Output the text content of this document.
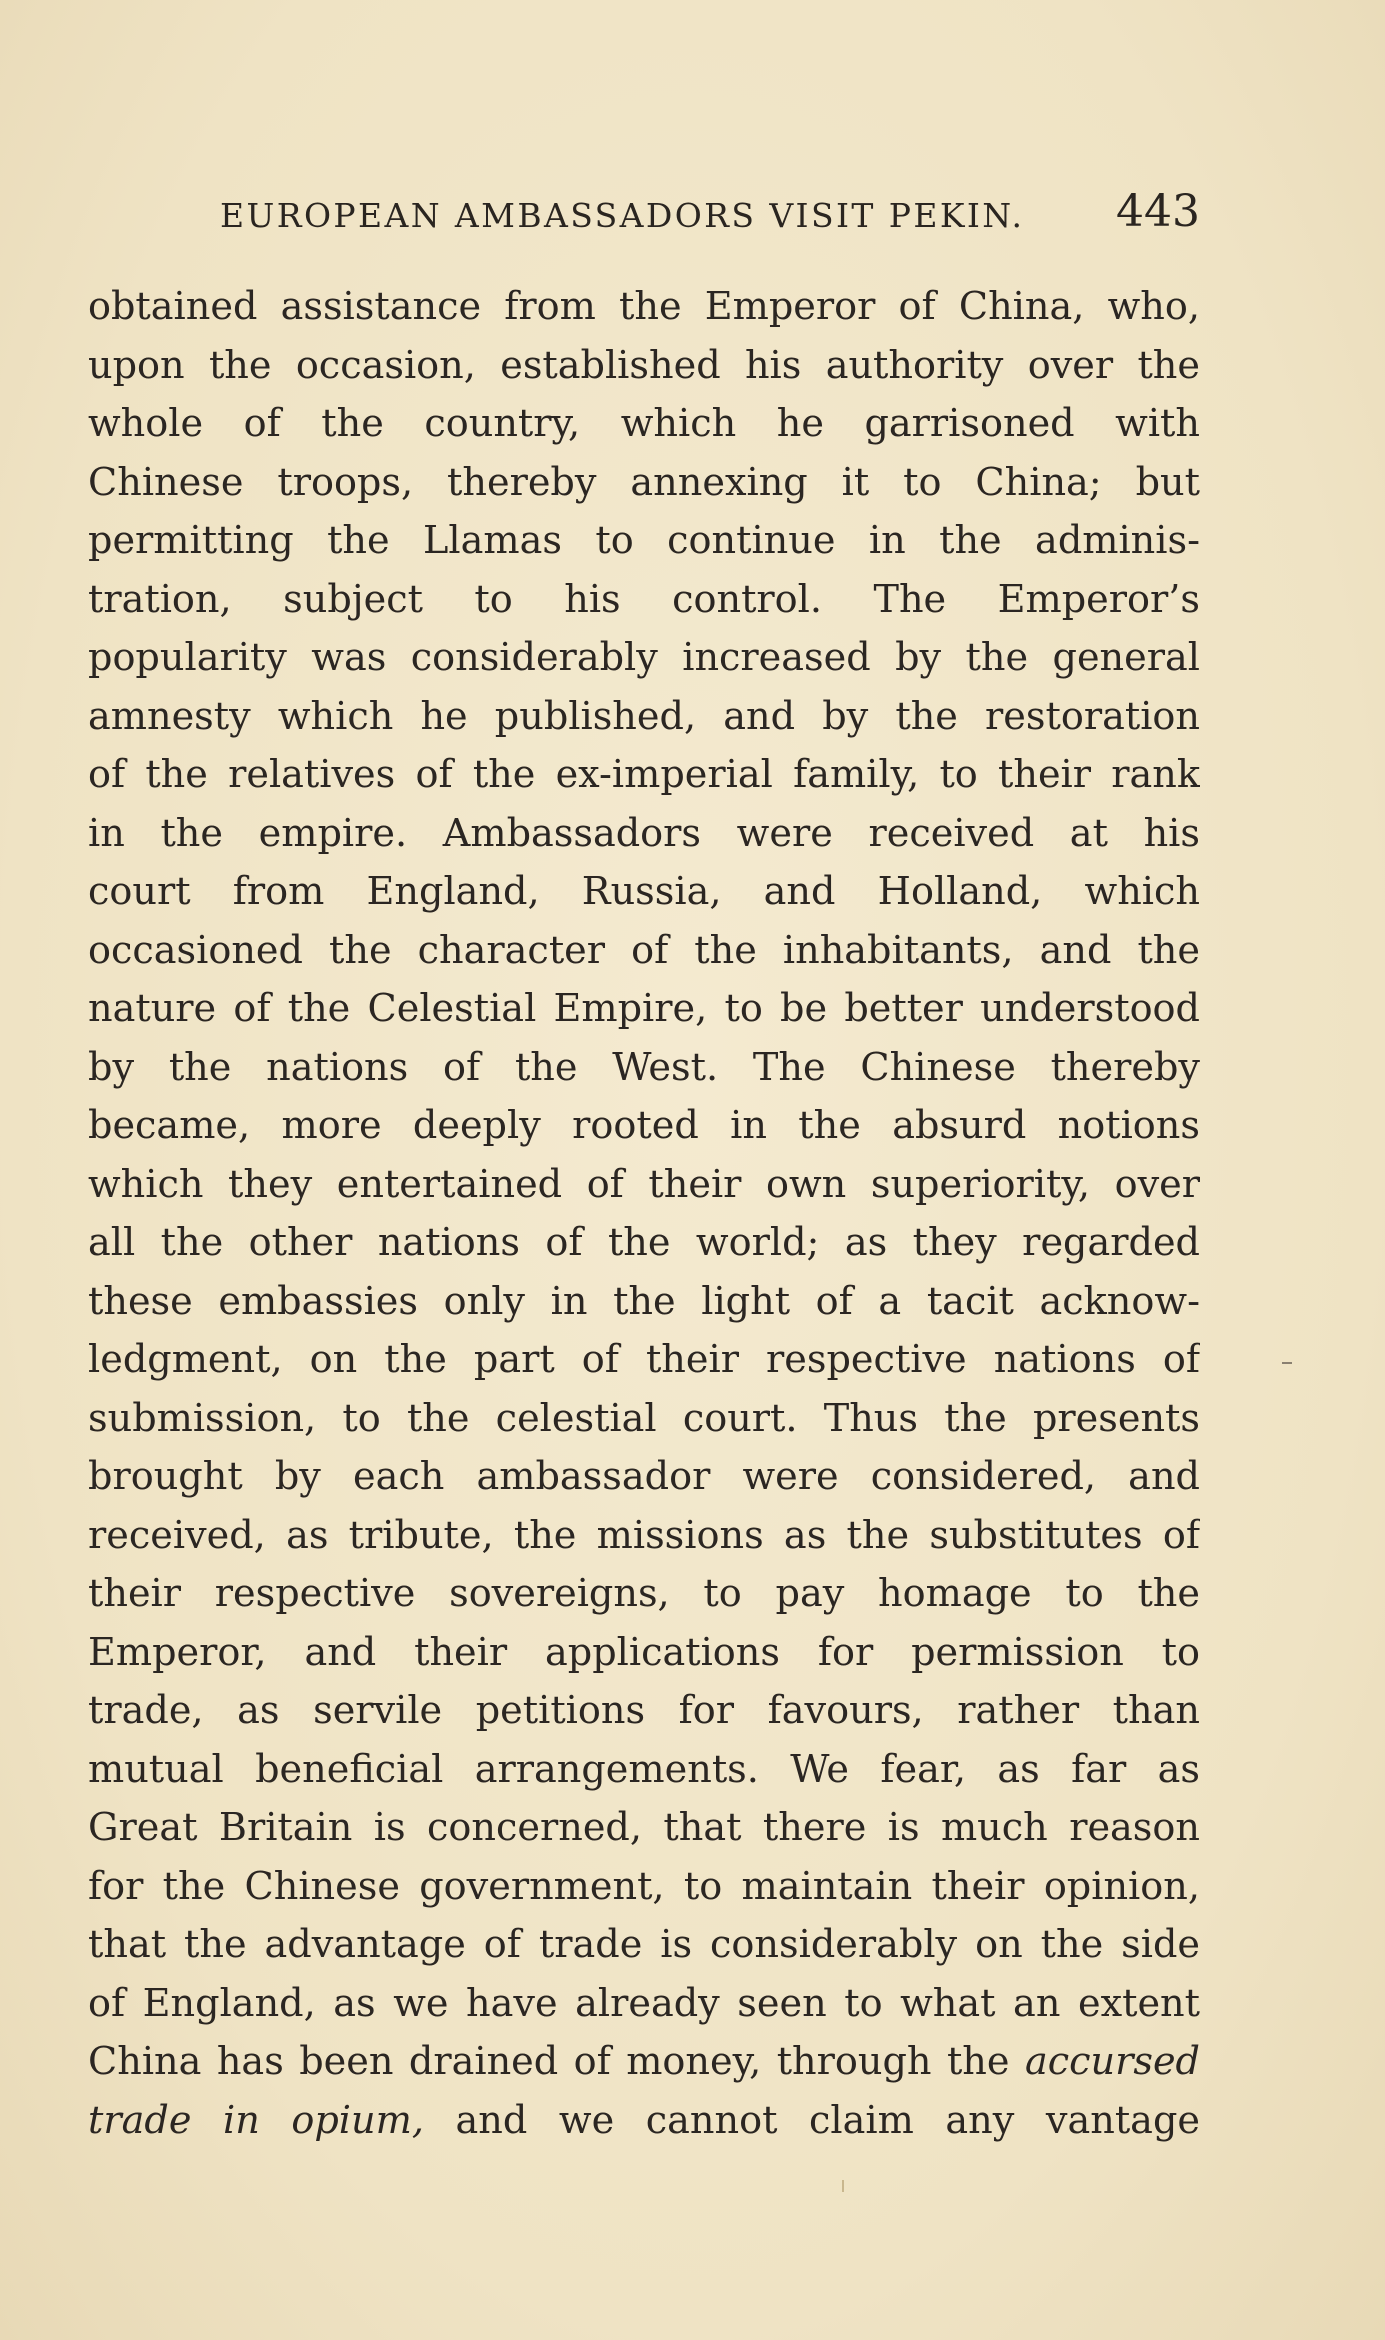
EUROPEAN AMBASSADORS VISIT PEKIN. 443
obtained assistance from the Emperor of China, who,
upon the occasion, established his authority over the
whole of the country, which he garrisoned with
Chinese troops, thereby annexing it to China; but
permitting the Llamas to continue in the adminis-
tration, subject to his control. The Emperor’s
popularity was considerably increased by the general
amnesty which he published, and by the restoration
of the relatives of the ex-imperial family, to their rank
in the empire. Ambassadors were received at his
court from England, Russia, and Holland, which
occasioned the character of the inhabitants, and the
nature of the Celestial Empire, to be better understood
by the nations of the West. The Chinese thereby
became, more deeply rooted in the absurd notions
which they entertained of their own superiority, over
all the other nations of the world; as they regarded
these embassies only in the light of a tacit acknow-
ledgment, on the part of their respective nations of
submission, to the celestial court. Thus the presents
brought by each ambassador were considered, and
received, as tribute, the missions as the substitutes of
their respective sovereigns, to pay homage to the
Emperor, and their applications for permission to
trade, as servile petitions for favours, rather than
mutual beneficial arrangements. We fear, as far as
Great Britain is concerned, that there is much reason
for the Chinese government, to maintain their opinion,
that the advantage of trade is considerably on the side
of England, as we have already seen to what an extent
China has been drained of money, through the accursed
trade in opium, and we cannot claim any vantage
